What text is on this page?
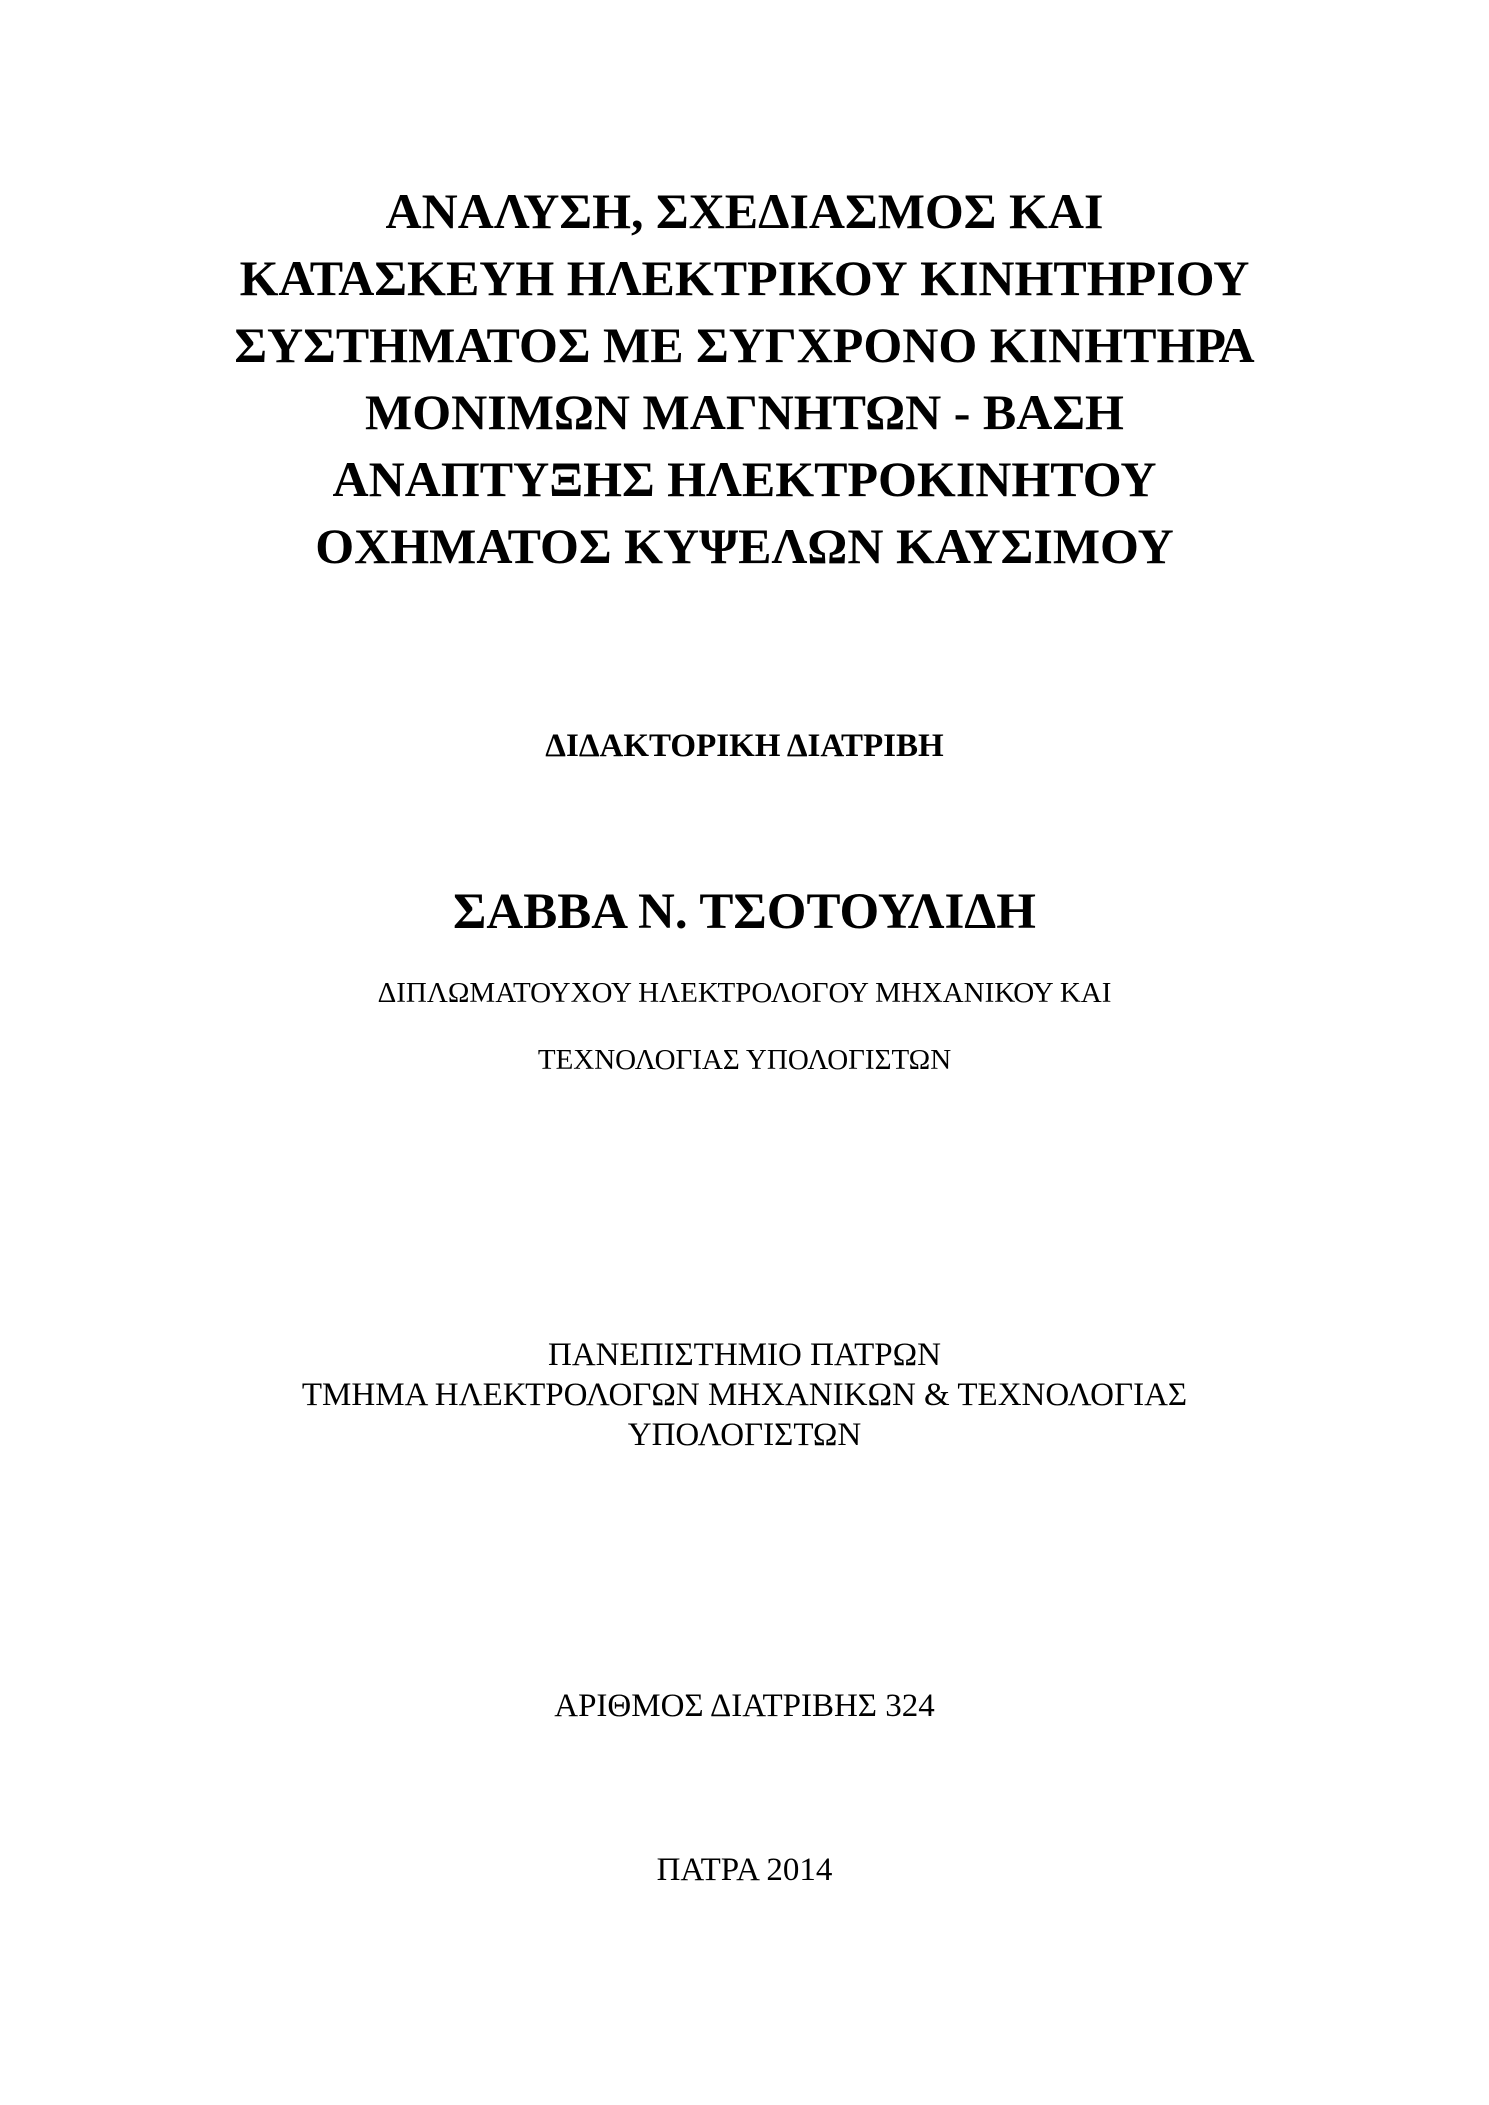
ΑΝΑΛΥΣΗ, ΣΧΕΔΙΑΣΜΟΣ ΚΑΙ
ΚΑΤΑΣΚΕΥΗ ΗΛΕΚΤΡΙΚΟΥ ΚΙΝΗΤΗΡΙΟΥ
ΣΥΣΤΗΜΑΤΟΣ ΜΕ ΣΥΓΧΡΟΝΟ ΚΙΝΗΤΗΡΑ
ΜΟΝΙΜΩΝ ΜΑΓΝΗΤΩΝ - ΒΑΣΗ
ΑΝΑΠΤΥΞΗΣ ΗΛΕΚΤΡΟΚΙΝΗΤΟΥ
ΟΧΗΜΑΤΟΣ ΚΥΨΕΛΩΝ ΚΑΥΣΙΜΟΥ
ΔΙΔΑΚΤΟΡΙΚΗ ΔΙΑΤΡΙΒΗ
ΣΑΒΒΑ Ν. ΤΣΟΤΟΥΛΙΔΗ
ΔΙΠΛΩΜΑΤΟΥΧΟΥ ΗΛΕΚΤΡΟΛΟΓΟΥ ΜΗΧΑΝΙΚΟΥ ΚΑΙ
ΤΕΧΝΟΛΟΓΙΑΣ ΥΠΟΛΟΓΙΣΤΩΝ
ΠΑΝΕΠΙΣΤΗΜΙΟ ΠΑΤΡΩΝ
ΤΜΗΜΑ ΗΛΕΚΤΡΟΛΟΓΩΝ ΜΗΧΑΝΙΚΩΝ & ΤΕΧΝΟΛΟΓΙΑΣ
ΥΠΟΛΟΓΙΣΤΩΝ
ΑΡΙΘΜΟΣ ΔΙΑΤΡΙΒΗΣ 324
ΠΑΤΡΑ 2014
